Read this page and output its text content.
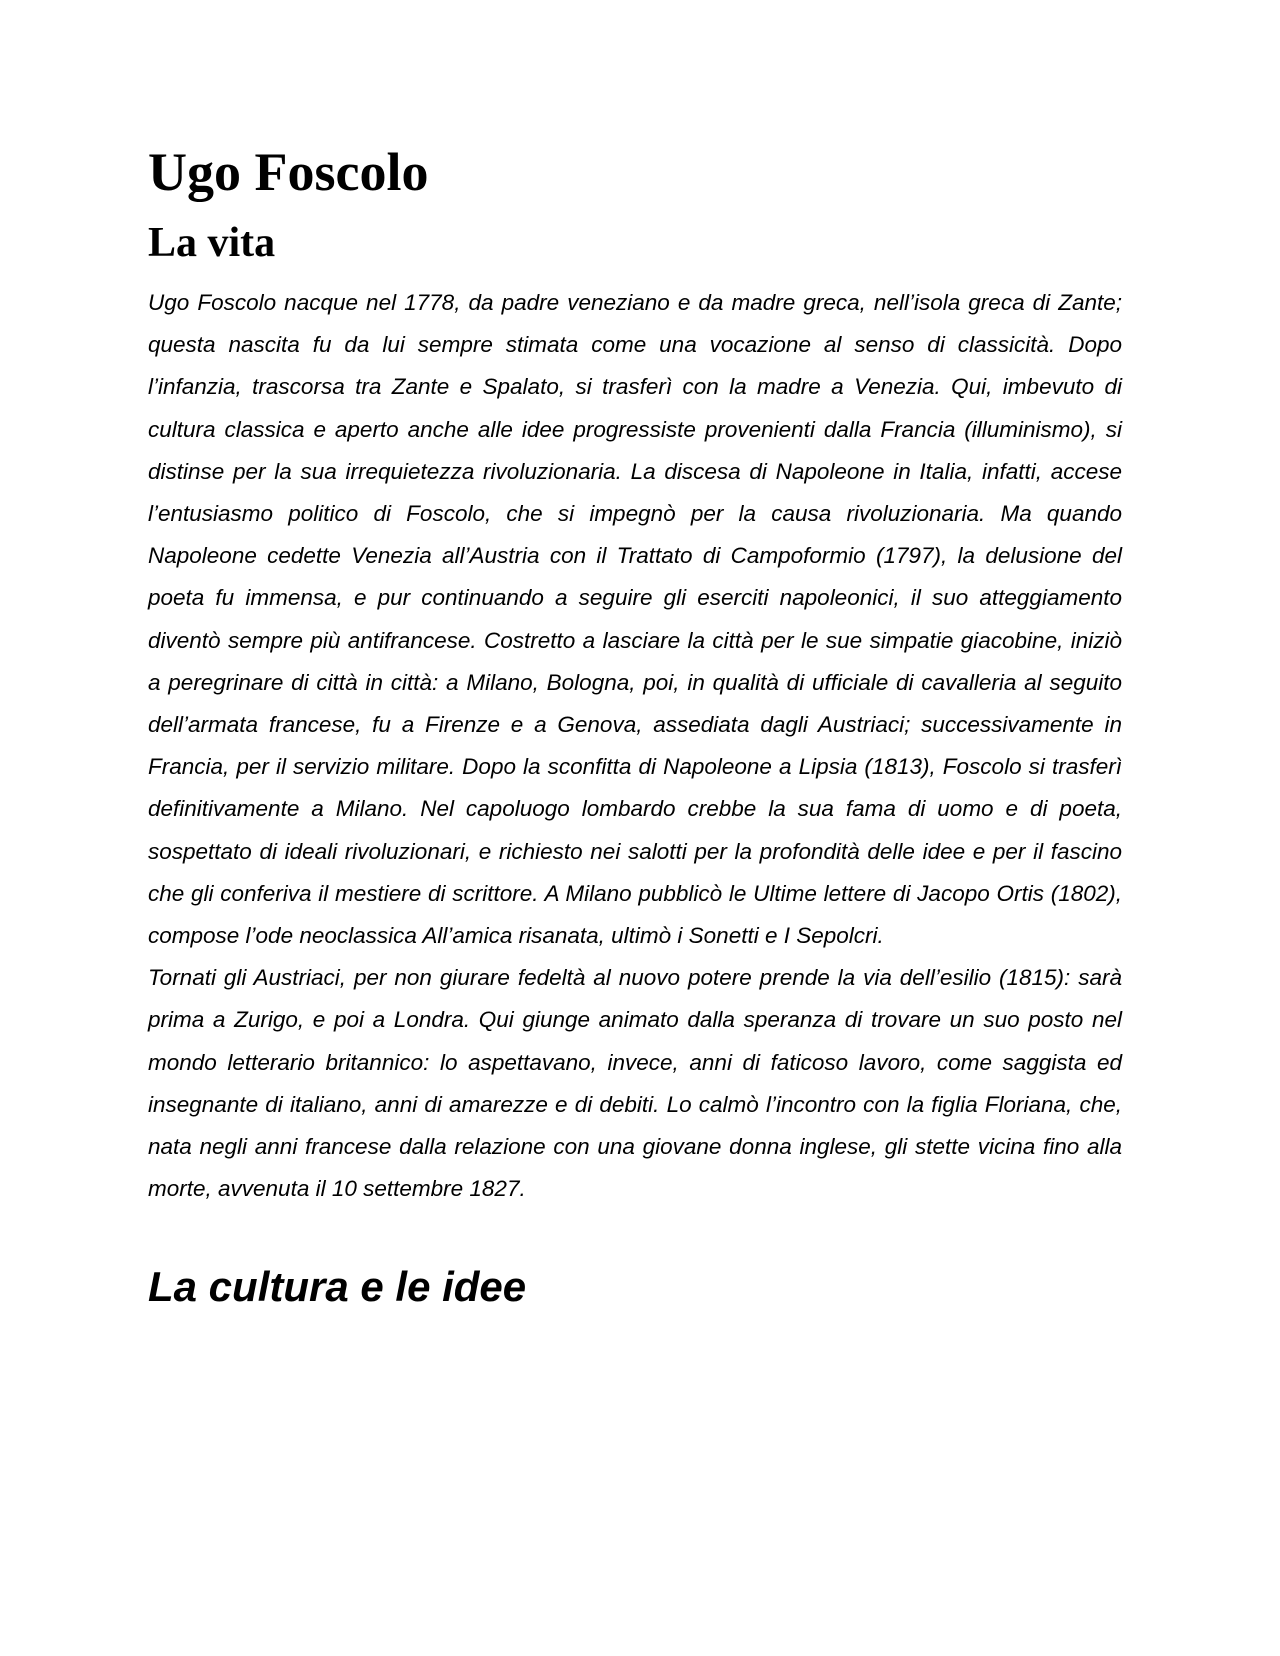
Ugo Foscolo
La vita

Ugo Foscolo nacque nel 1778, da padre veneziano e da madre greca, nell’isola greca di Zante; questa nascita fu da lui sempre stimata come una vocazione al senso di classicità. Dopo l’infanzia, trascorsa tra Zante e Spalato, si trasferì con la madre a Venezia. Qui, imbevuto di cultura classica e aperto anche alle idee progressiste provenienti dalla Francia (illuminismo), si distinse per la sua irrequietezza rivoluzionaria. La discesa di Napoleone in Italia, infatti, accese l’entusiasmo politico di Foscolo, che si impegnò per la causa rivoluzionaria. Ma quando Napoleone cedette Venezia all’Austria con il Trattato di Campoformio (1797), la delusione del poeta fu immensa, e pur continuando a seguire gli eserciti napoleonici, il suo atteggiamento diventò sempre più antifrancese. Costretto a lasciare la città per le sue simpatie giacobine, iniziò a peregrinare di città in città: a Milano, Bologna, poi, in qualità di ufficiale di cavalleria al seguito dell’armata francese, fu a Firenze e a Genova, assediata dagli Austriaci; successivamente in Francia, per il servizio militare. Dopo la sconfitta di Napoleone a Lipsia (1813), Foscolo si trasferì definitivamente a Milano. Nel capoluogo lombardo crebbe la sua fama di uomo e di poeta, sospettato di ideali rivoluzionari, e richiesto nei salotti per la profondità delle idee e per il fascino che gli conferiva il mestiere di scrittore. A Milano pubblicò le Ultime lettere di Jacopo Ortis (1802), compose l’ode neoclassica All’amica risanata, ultimò i Sonetti e I Sepolcri.

Tornati gli Austriaci, per non giurare fedeltà al nuovo potere prende la via dell’esilio (1815): sarà prima a Zurigo, e poi a Londra. Qui giunge animato dalla speranza di trovare un suo posto nel mondo letterario britannico: lo aspettavano, invece, anni di faticoso lavoro, come saggista ed insegnante di italiano, anni di amarezze e di debiti. Lo calmò l’incontro con la figlia Floriana, che, nata negli anni francese dalla relazione con una giovane donna inglese, gli stette vicina fino alla morte, avvenuta il 10 settembre 1827.

La cultura e le idee
